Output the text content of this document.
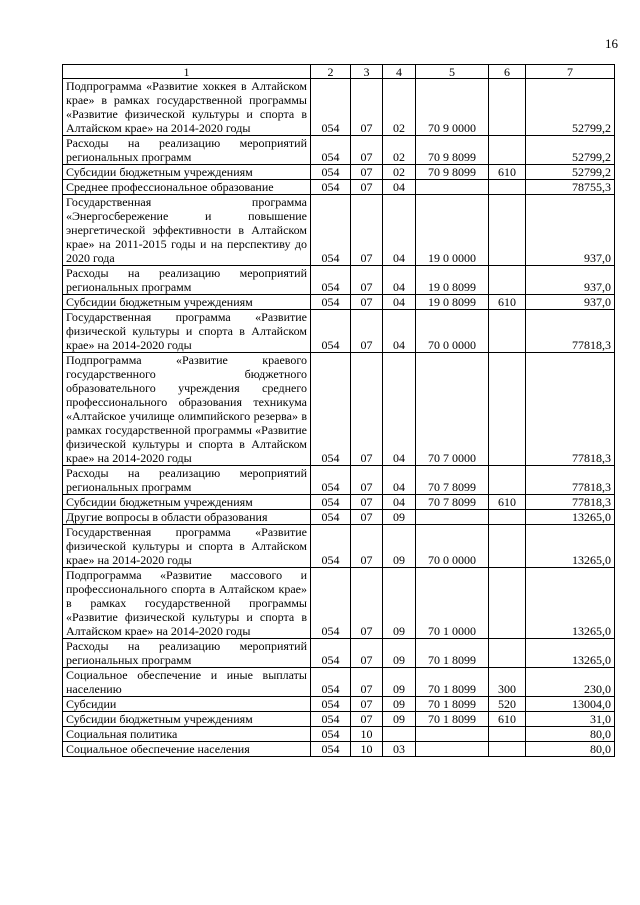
16
1	2	3	4	5	6	7
Подпрограмма «Развитие хоккея в Алтайском крае» в рамках государственной программы «Развитие физической культуры и спорта в Алтайском крае» на 2014-2020 годы	054	07	02	70 9 0000		52799,2
Расходы на реализацию мероприятий региональных программ	054	07	02	70 9 8099		52799,2
Субсидии бюджетным учреждениям	054	07	02	70 9 8099	610	52799,2
Среднее профессиональное образование	054	07	04			78755,3
Государственная программа «Энергосбережение и повышение энергетической эффективности в Алтайском крае» на 2011-2015 годы и на перспективу до 2020 года	054	07	04	19 0 0000		937,0
Расходы на реализацию мероприятий региональных программ	054	07	04	19 0 8099		937,0
Субсидии бюджетным учреждениям	054	07	04	19 0 8099	610	937,0
Государственная программа «Развитие физической культуры и спорта в Алтайском крае» на 2014-2020 годы	054	07	04	70 0 0000		77818,3
Подпрограмма «Развитие краевого государственного бюджетного образовательного учреждения среднего профессионального образования техникума «Алтайское училище олимпийского резерва» в рамках государственной программы «Развитие физической культуры и спорта в Алтайском крае» на 2014-2020 годы	054	07	04	70 7 0000		77818,3
Расходы на реализацию мероприятий региональных программ	054	07	04	70 7 8099		77818,3
Субсидии бюджетным учреждениям	054	07	04	70 7 8099	610	77818,3
Другие вопросы в области образования	054	07	09			13265,0
Государственная программа «Развитие физической культуры и спорта в Алтайском крае» на 2014-2020 годы	054	07	09	70 0 0000		13265,0
Подпрограмма «Развитие массового и профессионального спорта в Алтайском крае» в рамках государственной программы «Развитие физической культуры и спорта в Алтайском крае» на 2014-2020 годы	054	07	09	70 1 0000		13265,0
Расходы на реализацию мероприятий региональных программ	054	07	09	70 1 8099		13265,0
Социальное обеспечение и иные выплаты населению	054	07	09	70 1 8099	300	230,0
Субсидии	054	07	09	70 1 8099	520	13004,0
Субсидии бюджетным учреждениям	054	07	09	70 1 8099	610	31,0
Социальная политика	054	10				80,0
Социальное обеспечение населения	054	10	03			80,0
